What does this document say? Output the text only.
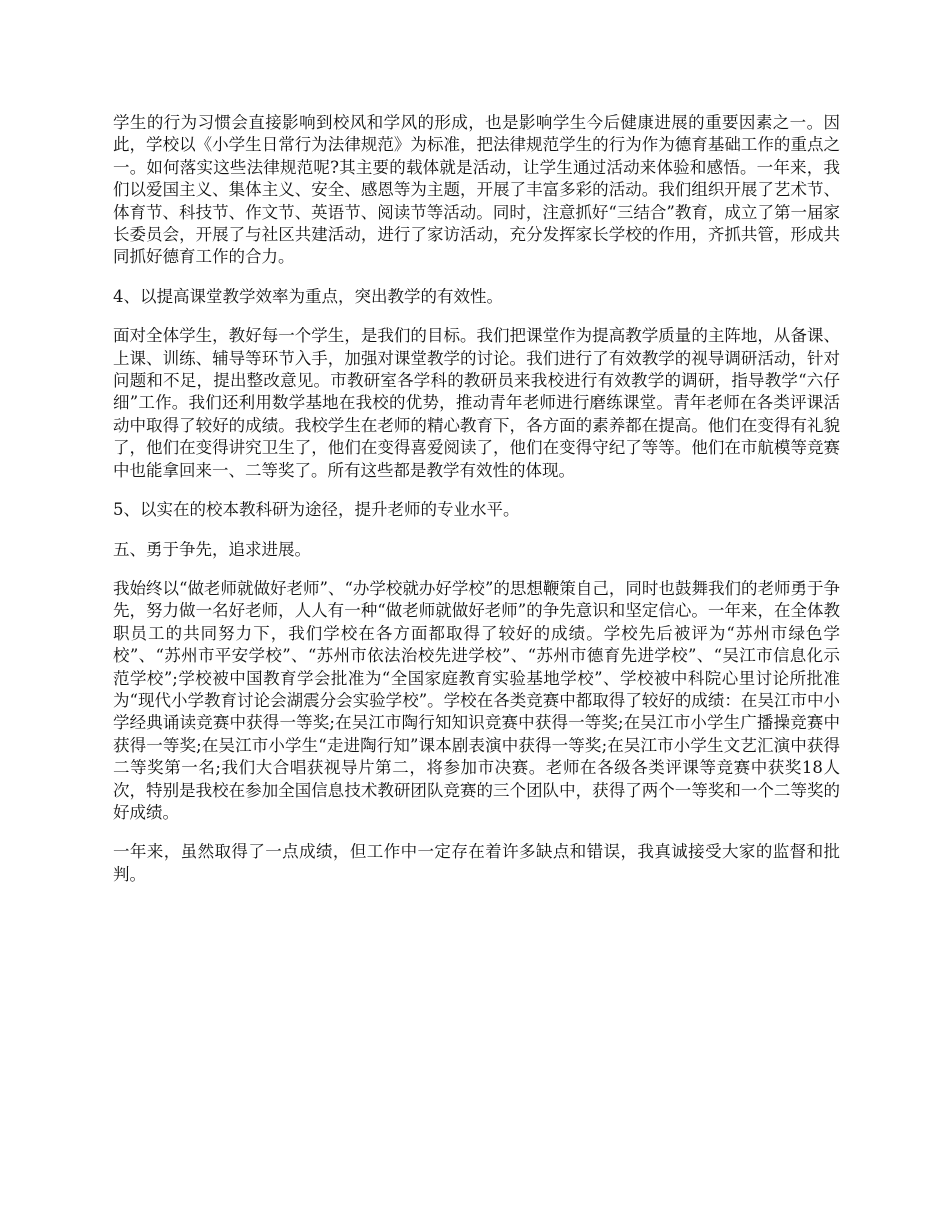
学生的行为习惯会直接影响到校风和学风的形成，也是影响学生今后健康进展的重要因素之一。因此，学校以《小学生日常行为法律规范》为标准，把法律规范学生的行为作为德育基础工作的重点之一。如何落实这些法律规范呢?其主要的载体就是活动，让学生通过活动来体验和感悟。一年来，我们以爱国主义、集体主义、安全、感恩等为主题，开展了丰富多彩的活动。我们组织开展了艺术节、体育节、科技节、作文节、英语节、阅读节等活动。同时，注意抓好“三结合”教育，成立了第一届家长委员会，开展了与社区共建活动，进行了家访活动，充分发挥家长学校的作用，齐抓共管，形成共同抓好德育工作的合力。

4、以提高课堂教学效率为重点，突出教学的有效性。

面对全体学生，教好每一个学生，是我们的目标。我们把课堂作为提高教学质量的主阵地，从备课、上课、训练、辅导等环节入手，加强对课堂教学的讨论。我们进行了有效教学的视导调研活动，针对问题和不足，提出整改意见。市教研室各学科的教研员来我校进行有效教学的调研，指导教学“六仔细”工作。我们还利用数学基地在我校的优势，推动青年老师进行磨练课堂。青年老师在各类评课活动中取得了较好的成绩。我校学生在老师的精心教育下，各方面的素养都在提高。他们在变得有礼貌了，他们在变得讲究卫生了，他们在变得喜爱阅读了，他们在变得守纪了等等。他们在市航模等竞赛中也能拿回来一、二等奖了。所有这些都是教学有效性的体现。

5、以实在的校本教科研为途径，提升老师的专业水平。

五、勇于争先，追求进展。

我始终以“做老师就做好老师”、“办学校就办好学校”的思想鞭策自己，同时也鼓舞我们的老师勇于争先，努力做一名好老师，人人有一种“做老师就做好老师”的争先意识和坚定信心。一年来，在全体教职员工的共同努力下，我们学校在各方面都取得了较好的成绩。学校先后被评为“苏州市绿色学校”、“苏州市平安学校”、“苏州市依法治校先进学校”、“苏州市德育先进学校”、“吴江市信息化示范学校”;学校被中国教育学会批准为“全国家庭教育实验基地学校”、学校被中科院心里讨论所批准为“现代小学教育讨论会湖震分会实验学校”。学校在各类竞赛中都取得了较好的成绩：在吴江市中小学经典诵读竞赛中获得一等奖;在吴江市陶行知知识竞赛中获得一等奖;在吴江市小学生广播操竞赛中获得一等奖;在吴江市小学生“走进陶行知”课本剧表演中获得一等奖;在吴江市小学生文艺汇演中获得二等奖第一名;我们大合唱获视导片第二，将参加市决赛。老师在各级各类评课等竞赛中获奖18人次，特别是我校在参加全国信息技术教研团队竞赛的三个团队中，获得了两个一等奖和一个二等奖的好成绩。

一年来，虽然取得了一点成绩，但工作中一定存在着许多缺点和错误，我真诚接受大家的监督和批判。
